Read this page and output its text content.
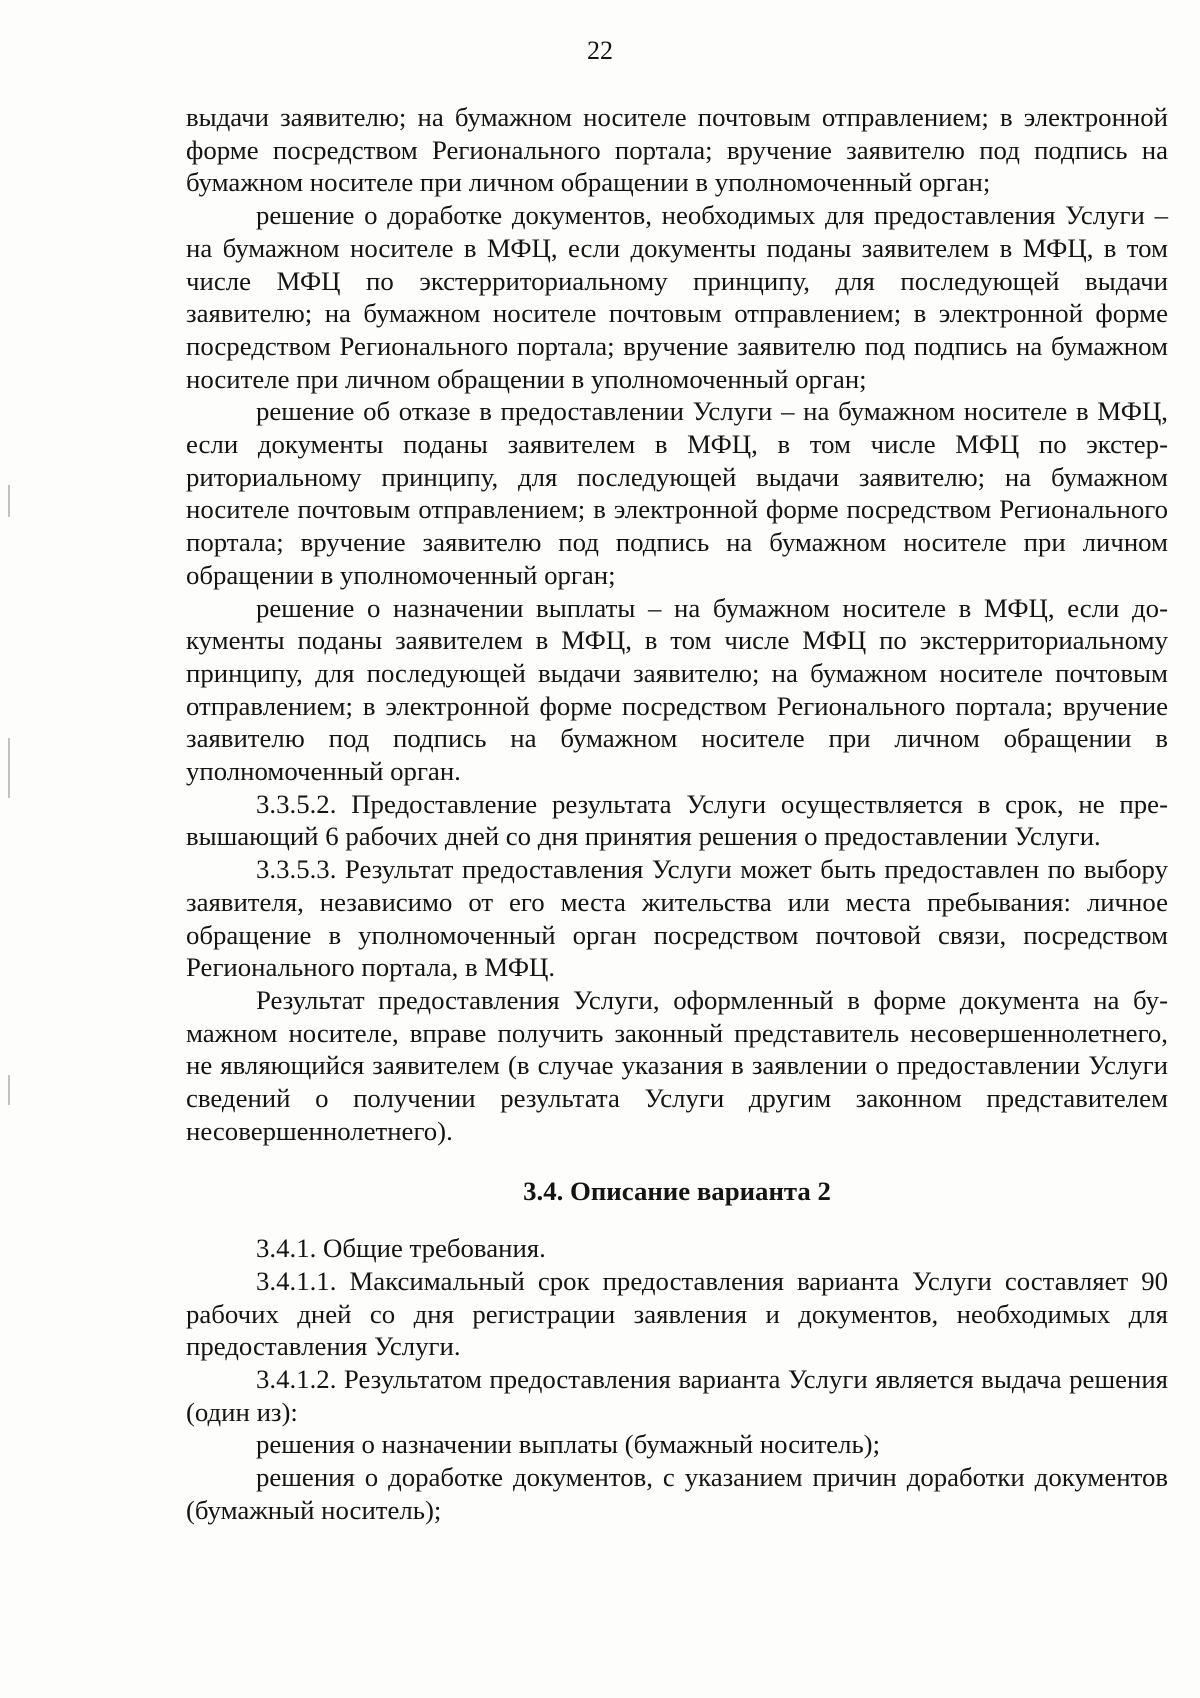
22

выдачи заявителю; на бумажном носителе почтовым отправлением; в электронной форме посредством Регионального портала; вручение заявителю под подпись на бумажном носителе при личном обращении в уполномоченный орган;

решение о доработке документов, необходимых для предоставления Услуги – на бумажном носителе в МФЦ, если документы поданы заявителем в МФЦ, в том числе МФЦ по экстерриториальному принципу, для последующей выдачи заявителю; на бумажном носителе почтовым отправлением; в электронной форме посредством Регионального портала; вручение заявителю под подпись на бумажном носителе при личном обращении в уполномоченный орган;

решение об отказе в предоставлении Услуги – на бумажном носителе в МФЦ, если документы поданы заявителем в МФЦ, в том числе МФЦ по экстерриториальному принципу, для последующей выдачи заявителю; на бумажном носителе почтовым отправлением; в электронной форме посредством Регионального портала; вручение заявителю под подпись на бумажном носителе при личном обращении в уполномоченный орган;

решение о назначении выплаты – на бумажном носителе в МФЦ, если документы поданы заявителем в МФЦ, в том числе МФЦ по экстерриториальному принципу, для последующей выдачи заявителю; на бумажном носителе почтовым отправлением; в электронной форме посредством Регионального портала; вручение заявителю под подпись на бумажном носителе при личном обращении в уполномоченный орган.

3.3.5.2. Предоставление результата Услуги осуществляется в срок, не превышающий 6 рабочих дней со дня принятия решения о предоставлении Услуги.

3.3.5.3. Результат предоставления Услуги может быть предоставлен по выбору заявителя, независимо от его места жительства или места пребывания: личное обращение в уполномоченный орган посредством почтовой связи, посредством Регионального портала, в МФЦ.

Результат предоставления Услуги, оформленный в форме документа на бумажном носителе, вправе получить законный представитель несовершеннолетнего, не являющийся заявителем (в случае указания в заявлении о предоставлении Услуги сведений о получении результата Услуги другим законном представителем несовершеннолетнего).

3.4. Описание варианта 2

3.4.1. Общие требования.

3.4.1.1. Максимальный срок предоставления варианта Услуги составляет 90 рабочих дней со дня регистрации заявления и документов, необходимых для предоставления Услуги.

3.4.1.2. Результатом предоставления варианта Услуги является выдача решения (один из):

решения о назначении выплаты (бумажный носитель);

решения о доработке документов, с указанием причин доработки документов (бумажный носитель);
